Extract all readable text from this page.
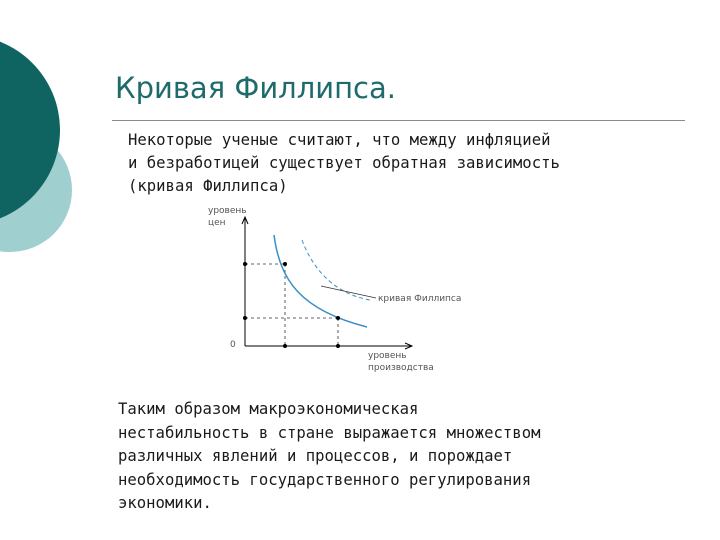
Кривая Филлипса.

Некоторые ученые считают, что между инфляцией
и безработицей существует обратная зависимость
(кривая Филлипса)

уровень
цен
0
уровень
производства
кривая Филлипса

Таким образом макроэкономическая
нестабильность в стране выражается множеством
различных явлений и процессов, и порождает
необходимость государственного регулирования
экономики.
